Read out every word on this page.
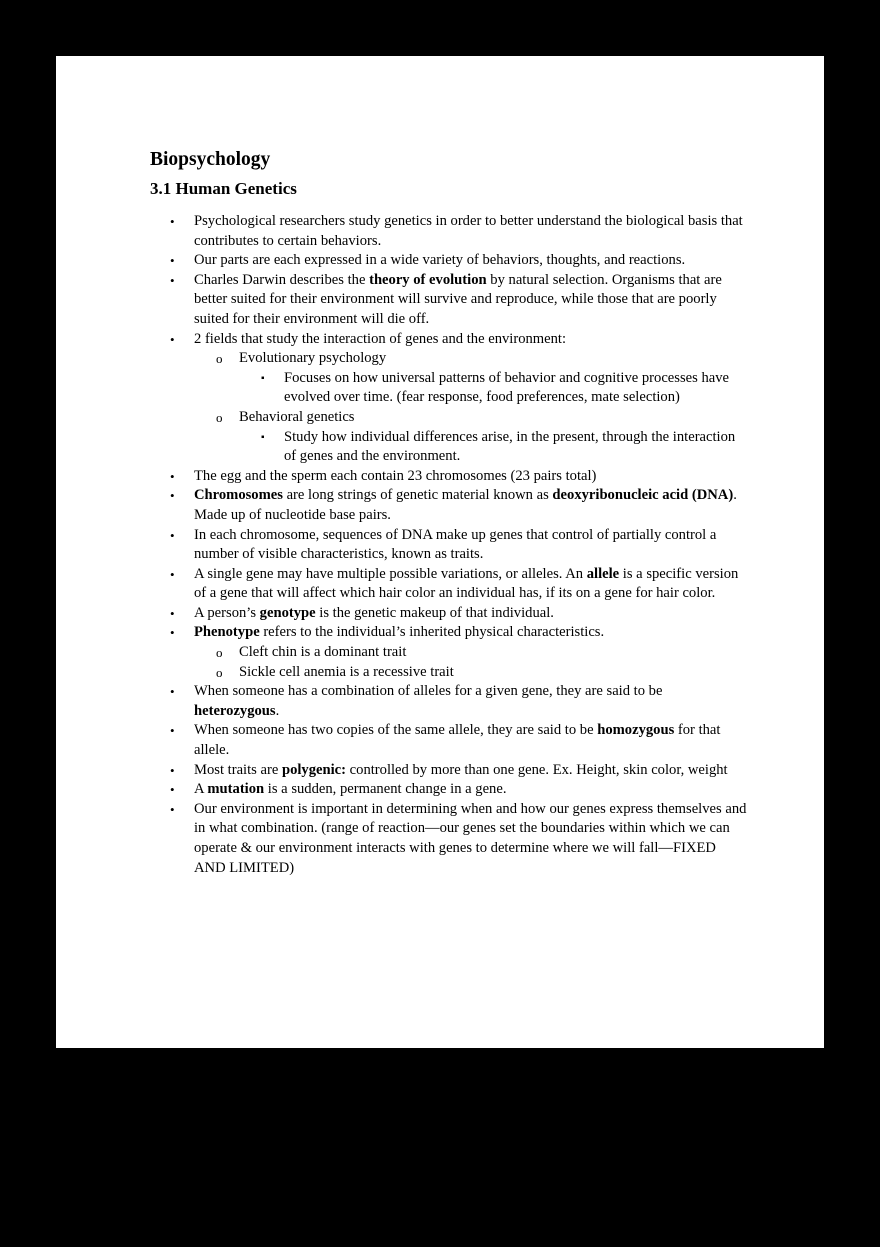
Biopsychology
3.1 Human Genetics
• Psychological researchers study genetics in order to better understand the biological basis that contributes to certain behaviors.
• Our parts are each expressed in a wide variety of behaviors, thoughts, and reactions.
• Charles Darwin describes the theory of evolution by natural selection. Organisms that are better suited for their environment will survive and reproduce, while those that are poorly suited for their environment will die off.
• 2 fields that study the interaction of genes and the environment:
o Evolutionary psychology
▪ Focuses on how universal patterns of behavior and cognitive processes have evolved over time. (fear response, food preferences, mate selection)
o Behavioral genetics
▪ Study how individual differences arise, in the present, through the interaction of genes and the environment.
• The egg and the sperm each contain 23 chromosomes (23 pairs total)
• Chromosomes are long strings of genetic material known as deoxyribonucleic acid (DNA). Made up of nucleotide base pairs.
• In each chromosome, sequences of DNA make up genes that control of partially control a number of visible characteristics, known as traits.
• A single gene may have multiple possible variations, or alleles. An allele is a specific version of a gene that will affect which hair color an individual has, if its on a gene for hair color.
• A person’s genotype is the genetic makeup of that individual.
• Phenotype refers to the individual’s inherited physical characteristics.
o Cleft chin is a dominant trait
o Sickle cell anemia is a recessive trait
• When someone has a combination of alleles for a given gene, they are said to be heterozygous.
• When someone has two copies of the same allele, they are said to be homozygous for that allele.
• Most traits are polygenic: controlled by more than one gene. Ex. Height, skin color, weight
• A mutation is a sudden, permanent change in a gene.
• Our environment is important in determining when and how our genes express themselves and in what combination. (range of reaction—our genes set the boundaries within which we can operate & our environment interacts with genes to determine where we will fall—FIXED AND LIMITED)
